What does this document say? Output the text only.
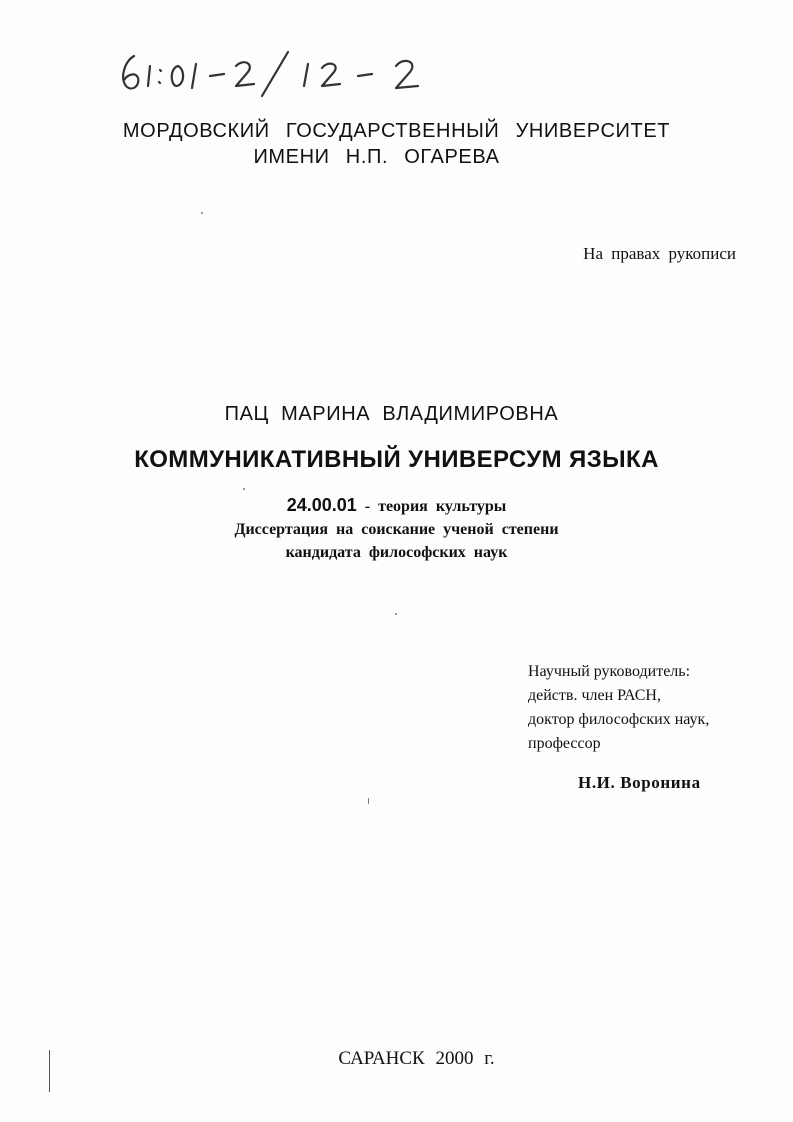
МОРДОВСКИЙ ГОСУДАРСТВЕННЫЙ УНИВЕРСИТЕТ
ИМЕНИ Н.П. ОГАРЕВА
На правах рукописи
ПАЦ МАРИНА ВЛАДИМИРОВНА
КОММУНИКАТИВНЫЙ УНИВЕРСУМ ЯЗЫКА
24.00.01 - теория культуры
Диссертация на соискание ученой степени
кандидата философских наук
Научный руководитель:
действ. член РАСН,
доктор философских наук,
профессор
Н.И. Воронина
САРАНСК 2000 г.
